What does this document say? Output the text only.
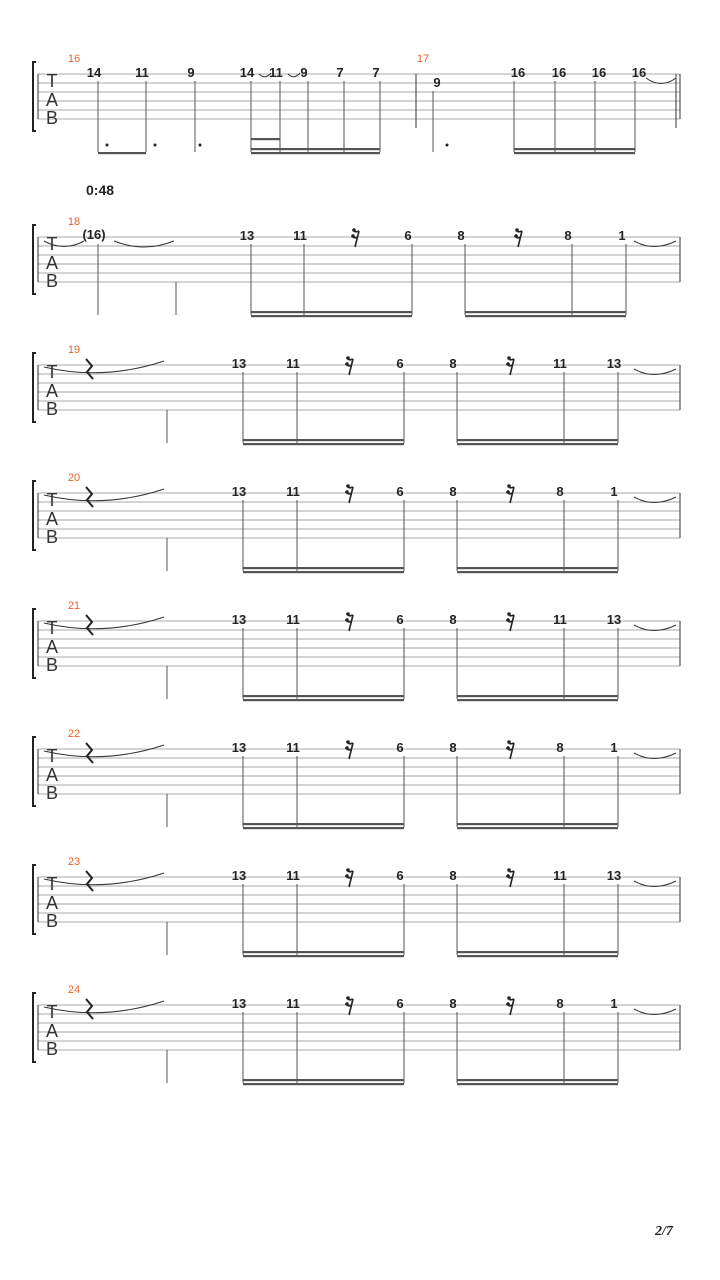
T
A
B
16
14	11	9	14 11 9 7 7
17
9
16 16 16 16
T
A
B
18
(16)	13	11	6	8	8	1
T
A
B
19
13	11	6	8	11	13
T
A
B
20
13	11	6	8	8	1
T
A
B
21
13	11	6	8	11	13
T
A
B
22
13	11	6	8	8	1
T
A
B
23
13	11	6	8	11	13
T
A
B
24
13	11	6	8	8	1
0:48
2/7
